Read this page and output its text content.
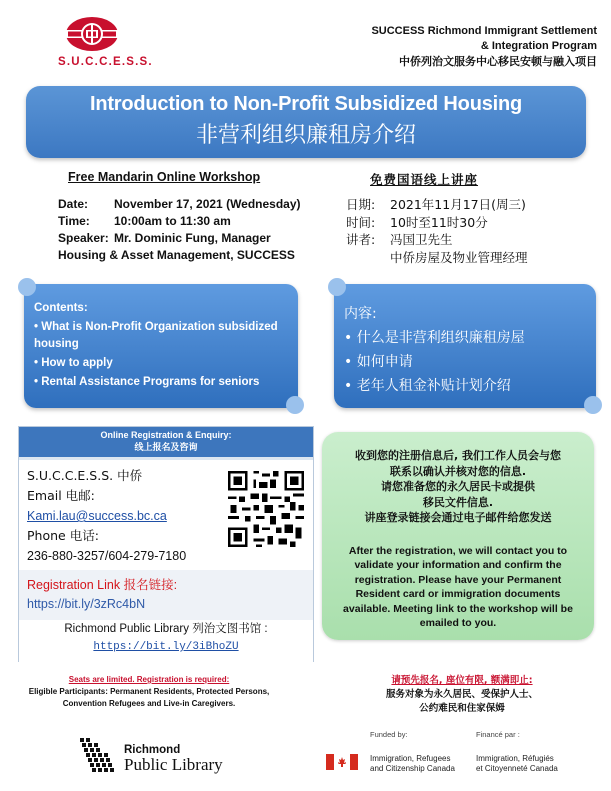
S.U.C.C.E.S.S.
SUCCESS Richmond Immigrant Settlement
& Integration Program
中侨列治文服务中心移民安顿与融入项目
Introduction to Non-Profit Subsidized Housing
非营利组织廉租房介绍
Free Mandarin Online Workshop	免费国语线上讲座
Date:	November 17, 2021 (Wednesday)
Time:	10:00am to 11:30 am
Speaker: Mr. Dominic Fung, Manager
Housing & Asset Management, SUCCESS
日期:	2021年11月17日(周三)
时间:	10时至11时30分
讲者:	冯国卫先生
中侨房屋及物业管理经理
Contents:
• What is Non-Profit Organization subsidized housing
• How to apply
• Rental Assistance Programs for seniors
内容:
• 什么是非营利组织廉租房屋
• 如何申请
• 老年人租金补贴计划介绍
Online Registration & Enquiry:
线上报名及咨询
S.U.C.C.E.S.S. 中侨
Email 电邮:
Kami.lau@success.bc.ca
Phone 电话:
236-880-3257/604-279-7180
Registration Link 报名链接:
https://bit.ly/3zRc4bN
Richmond Public Library 列治文图书馆 :
https://bit.ly/3iBhoZU
收到您的注册信息后, 我们工作人员会与您
联系以确认并核对您的信息.
请您准备您的永久居民卡或提供
移民文件信息.
讲座登录链接会通过电子邮件给您发送
After the registration, we will contact you to validate your information and confirm the registration. Please have your Permanent Resident card or immigration documents available. Meeting link to the workshop will be emailed to you.
Seats are limited. Registration is required:
Eligible Participants: Permanent Residents, Protected Persons, Convention Refugees and Live-in Caregivers.
请预先报名, 座位有限, 额满即止:
服务对象为永久居民、受保护人士、
公约难民和住家保姆
Richmond
Public Library
Funded by:	Financé par :
Immigration, Refugees
and Citizenship Canada
Immigration, Réfugiés
et Citoyenneté Canada
